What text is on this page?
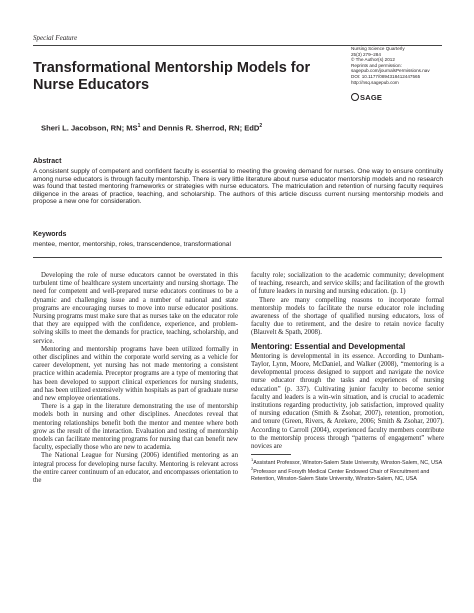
Special Feature
Transformational Mentorship Models for Nurse Educators
Nursing Science Quarterly
25(3) 279–284
© The Author(s) 2012
Reprints and permission:
sagepub.com/journalsPermissions.nav
DOI: 10.1177/0894318412447565
http://nsq.sagepub.com
SAGE
Sheri L. Jacobson, RN; $MS^1$ and Dennis R. Sherrod, RN; EdD$^2$
Abstract
A consistent supply of competent and confident faculty is essential to meeting the growing demand for nurses. One way to ensure continuity among nurse educators is through faculty mentorship. There is very little literature about nurse educator mentorship models and no research was found that tested mentoring frameworks or strategies with nurse educators. The matriculation and retention of nursing faculty requires diligence in the areas of practice, teaching, and scholarship. The authors of this article discuss current nursing mentorship models and propose a new one for consideration.
Keywords
mentee, mentor, mentorship, roles, transcendence, transformational

Developing the role of nurse educators cannot be overstated in this turbulent time of healthcare system uncertainty and nursing shortage. The need for competent and well-prepared nurse educators continues to be a dynamic and challenging issue and a number of national and state programs are encouraging nurses to move into nurse educator positions. Nursing programs must make sure that as nurses take on the educator role that they are equipped with the confidence, experience, and problem-solving skills to meet the demands for practice, teaching, scholarship, and service.

Mentoring and mentorship programs have been utilized formally in other disciplines and within the corporate world serving as a vehicle for career development, yet nursing has not made mentoring a consistent practice within academia. Preceptor programs are a type of mentoring that has been developed to support clinical experiences for nursing students, and has been utilized extensively within hospitals as part of graduate nurse and new employee orientations.

There is a gap in the literature demonstrating the use of mentorship models both in nursing and other disciplines. Anecdotes reveal that mentoring relationships benefit both the mentor and mentee where both grow as the result of the interaction. Evaluation and testing of mentorship models can facilitate mentoring programs for nursing that can benefit new faculty, especially those who are new to academia.

The National League for Nursing (2006) identified mentoring as an integral process for developing nurse faculty. Mentoring is relevant across the entire career continuum of an educator, and encompasses orientation to the

faculty role; socialization to the academic community; development of teaching, research, and service skills; and facilitation of the growth of future leaders in nursing and nursing education. (p. 1)

There are many compelling reasons to incorporate formal mentorship models to facilitate the nurse educator role including awareness of the shortage of qualified nursing educators, loss of faculty due to retirement, and the desire to retain novice faculty (Blauvelt & Spath, 2008).

Mentoring: Essential and Developmental

Mentoring is developmental in its essence. According to Dunham-Taylor, Lynn, Moore, McDaniel, and Walker (2008), “mentoring is a developmental process designed to support and navigate the novice nurse educator through the tasks and experiences of nursing education” (p. 337). Cultivating junior faculty to become senior faculty and leaders is a win-win situation, and is crucial to academic institutions regarding productivity, job satisfaction, improved quality of nursing education (Smith & Zsohar, 2007), retention, promotion, and tenure (Green, Rivers, & Arekere, 2006; Smith & Zsohar, 2007). According to Carroll (2004), experienced faculty members contribute to the mentorship process through “patterns of engagement” where novices are

$^1$Assistant Professor, Winston-Salem State University, Winston-Salem, NC, USA

$^2$Professor and Forsyth Medical Center Endowed Chair of Recruitment and Retention, Winston-Salem State University, Winston-Salem, NC, USA
